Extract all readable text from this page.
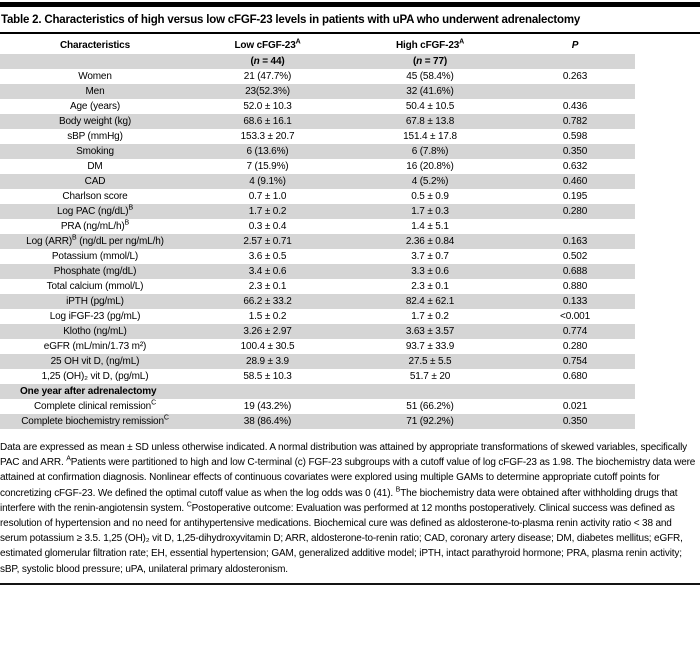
Table 2. Characteristics of high versus low cFGF-23 levels in patients with uPA who underwent adrenalectomy
Characteristics	Low cFGF-$23^A$	High cFGF-$23^A$	P
	(n = 44)	(n = 77)	
Women	21 (47.7%)	45 (58.4%)	0.263
Men	23(52.3%)	32 (41.6%)	
Age (years)	52.0 ± 10.3	50.4 ± 10.5	0.436
Body weight (kg)	68.6 ± 16.1	67.8 ± 13.8	0.782
sBP (mmHg)	153.3 ± 20.7	151.4 ± 17.8	0.598
Smoking	6 (13.6%)	6 (7.8%)	0.350
DM	7 (15.9%)	16 (20.8%)	0.632
CAD	4 (9.1%)	4 (5.2%)	0.460
Charlson score	0.7 ± 1.0	0.5 ± 0.9	0.195
Log PAC $(ng/dL)^B$	1.7 ± 0.2	1.7 ± 0.3	0.280
PRA $(ng/mL/h)^B$	0.3 ± 0.4	1.4 ± 5.1	
Log (ARR)$^B$ (ng/dL per ng/mL/h)	2.57 ± 0.71	2.36 ± 0.84	0.163
Potassium (mmol/L)	3.6 ± 0.5	3.7 ± 0.7	0.502
Phosphate (mg/dL)	3.4 ± 0.6	3.3 ± 0.6	0.688
Total calcium (mmol/L)	2.3 ± 0.1	2.3 ± 0.1	0.880
iPTH (pg/mL)	66.2 ± 33.2	82.4 ± 62.1	0.133
Log iFGF-23 (pg/mL)	1.5 ± 0.2	1.7 ± 0.2	<0.001
Klotho (ng/mL)	3.26 ± 2.97	3.63 ± 3.57	0.774
eGFR (mL/min/1.73 m²)	100.4 ± 30.5	93.7 ± 33.9	0.280
25 OH vit D, (ng/mL)	28.9 ± 3.9	27.5 ± 5.5	0.754
1,25 (OH)₂ vit D, (pg/mL)	58.5 ± 10.3	51.7 ± 20	0.680
One year after adrenalectomy			
Complete clinical remission$^C$	19 (43.2%)	51 (66.2%)	0.021
Complete biochemistry remission$^C$	38 (86.4%)	71 (92.2%)	0.350
Data are expressed as mean ± SD unless otherwise indicated. A normal distribution was attained by appropriate transformations of skewed variables, specifically PAC and ARR. $^A$Patients were partitioned to high and low C-terminal (c) FGF-23 subgroups with a cutoff value of log cFGF-23 as 1.98. The biochemistry data were attained at confirmation diagnosis. Nonlinear effects of continuous covariates were explored using multiple GAMs to determine appropriate cutoff points for concretizing cFGF-23. We defined the optimal cutoff value as when the log odds was 0 (41). $^B$The biochemistry data were obtained after withholding drugs that interfere with the renin-angiotensin system. $^C$Postoperative outcome: Evaluation was performed at 12 months postoperatively. Clinical success was defined as resolution of hypertension and no need for antihypertensive medications. Biochemical cure was defined as aldosterone-to-plasma renin activity ratio < 38 and serum potassium ≥ 3.5. 1,25 (OH)₂ vit D, 1,25-dihydroxyvitamin D; ARR, aldosterone-to-renin ratio; CAD, coronary artery disease; DM, diabetes mellitus; eGFR, estimated glomerular filtration rate; EH, essential hypertension; GAM, generalized additive model; iPTH, intact parathyroid hormone; PRA, plasma renin activity; sBP, systolic blood pressure; uPA, unilateral primary aldosteronism.
